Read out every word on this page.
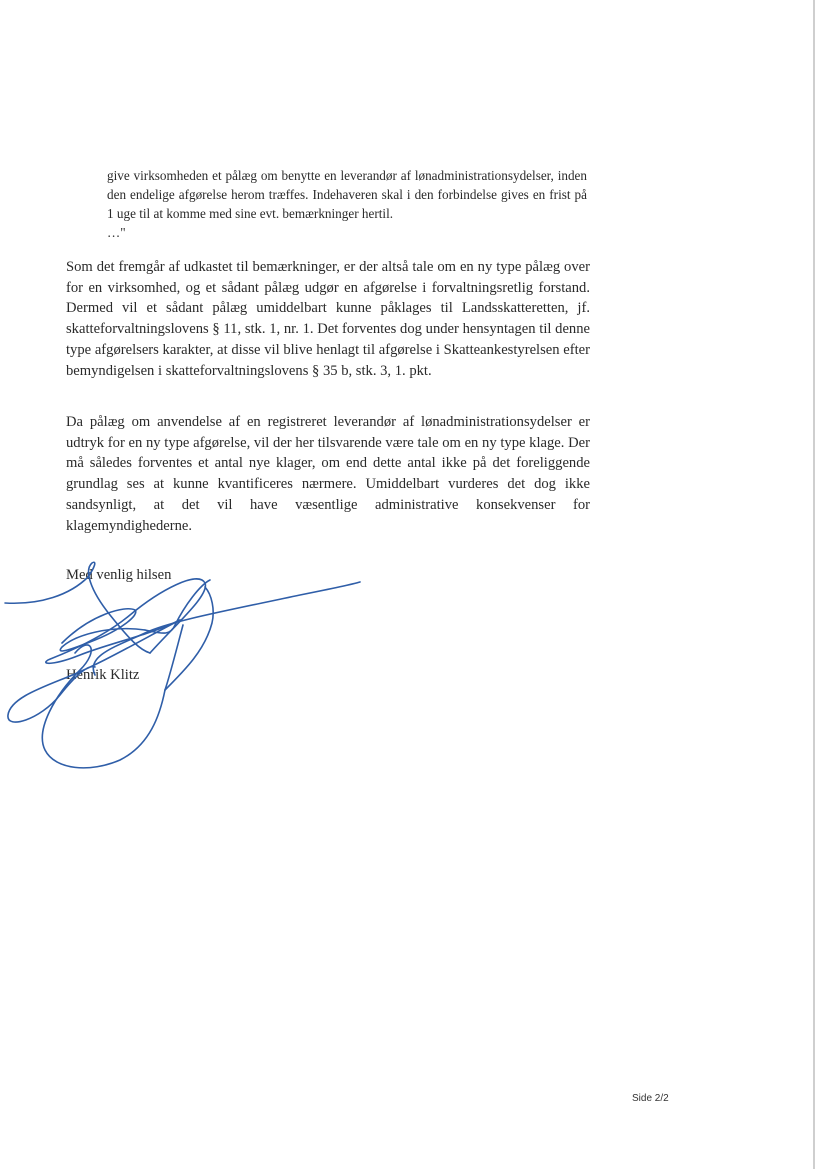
give virksomheden et pålæg om benytte en leverandør af lønadministrationsydelser, inden den endelige afgørelse herom træffes. Indehaveren skal i den forbindelse gives en frist på 1 uge til at komme med sine evt. bemærkninger hertil.

…"

Som det fremgår af udkastet til bemærkninger, er der altså tale om en ny type pålæg over for en virksomhed, og et sådant pålæg udgør en afgørelse i forvaltningsretlig forstand. Dermed vil et sådant pålæg umiddelbart kunne påklages til Landsskatteretten, jf. skatteforvaltningslovens § 11, stk. 1, nr. 1. Det forventes dog under hensyntagen til denne type afgørelsers karakter, at disse vil blive henlagt til afgørelse i Skatteankestyrelsen efter bemyndigelsen i skatteforvaltningslovens § 35 b, stk. 3, 1. pkt.

Da pålæg om anvendelse af en registreret leverandør af lønadministrationsydelser er udtryk for en ny type afgørelse, vil der her tilsvarende være tale om en ny type klage. Der må således forventes et antal nye klager, om end dette antal ikke på det foreliggende grundlag ses at kunne kvantificeres nærmere. Umiddelbart vurderes det dog ikke sandsynligt, at det vil have væsentlige administrative konsekvenser for klagemyndighederne.

Med venlig hilsen

Henrik Klitz

Side 2/2
